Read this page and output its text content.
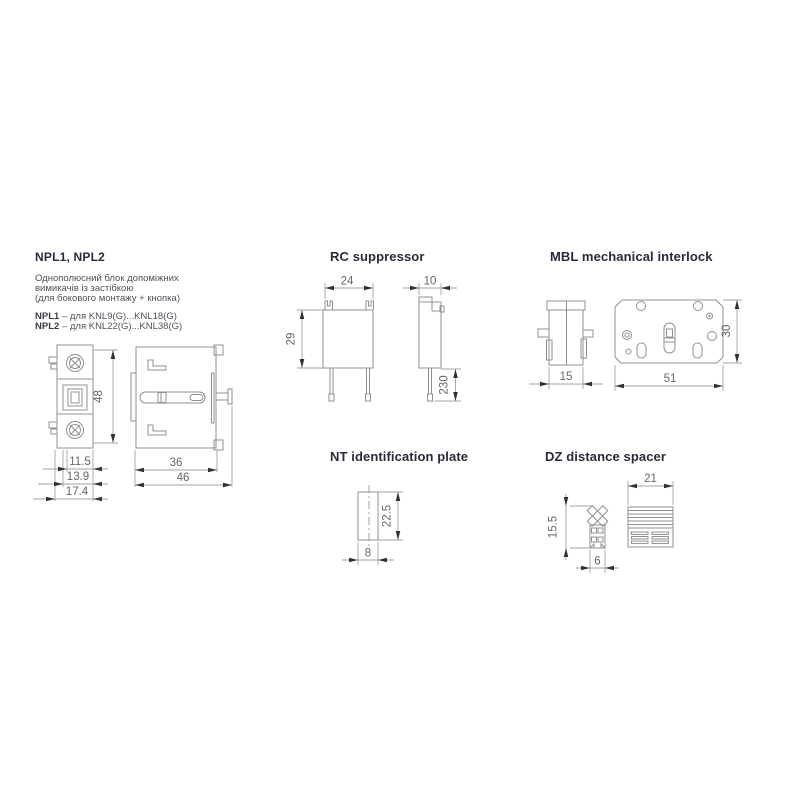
NPL1, NPL2
Однополюсний блок допоміжних
вимикачів із застібкою
(для бокового монтажу + кнопка)
NPL1 – для KNL9(G)...KNL18(G)
NPL2 – для KNL22(G)...KNL38(G)
RC suppressor	MBL mechanical interlock
NT identification plate	DZ distance spacer
48
11.5
13.9
17.4
36
46
24
29
10
230	15
30
51
22.5
8
15.5
6
21
